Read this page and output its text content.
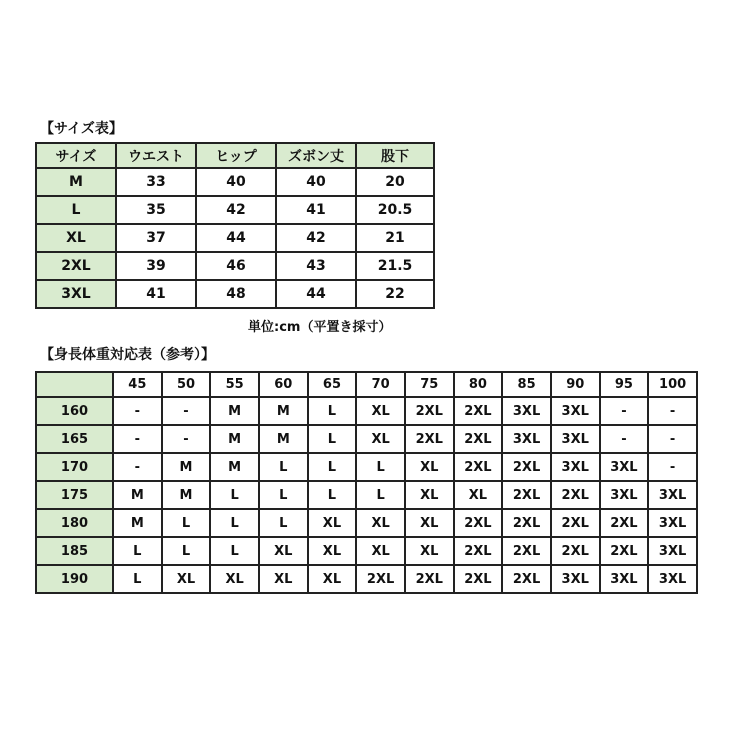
【サイズ表】
サイズ	ウエスト	ヒップ	ズボン丈	股下
M	33	40	40	20
L	35	42	41	20.5
XL	37	44	42	21
2XL	39	46	43	21.5
3XL	41	48	44	22
単位:cm（平置き採寸）
【身長体重対応表（参考）】
	45	50	55	60	65	70	75	80	85	90	95	100
160	-	-	M	M	L	XL	2XL	2XL	3XL	3XL	-	-
165	-	-	M	M	L	XL	2XL	2XL	3XL	3XL	-	-
170	-	M	M	L	L	L	XL	2XL	2XL	3XL	3XL	-
175	M	M	L	L	L	L	XL	XL	2XL	2XL	3XL	3XL
180	M	L	L	L	XL	XL	XL	2XL	2XL	2XL	2XL	3XL
185	L	L	L	XL	XL	XL	XL	2XL	2XL	2XL	2XL	3XL
190	L	XL	XL	XL	XL	2XL	2XL	2XL	2XL	3XL	3XL	3XL
